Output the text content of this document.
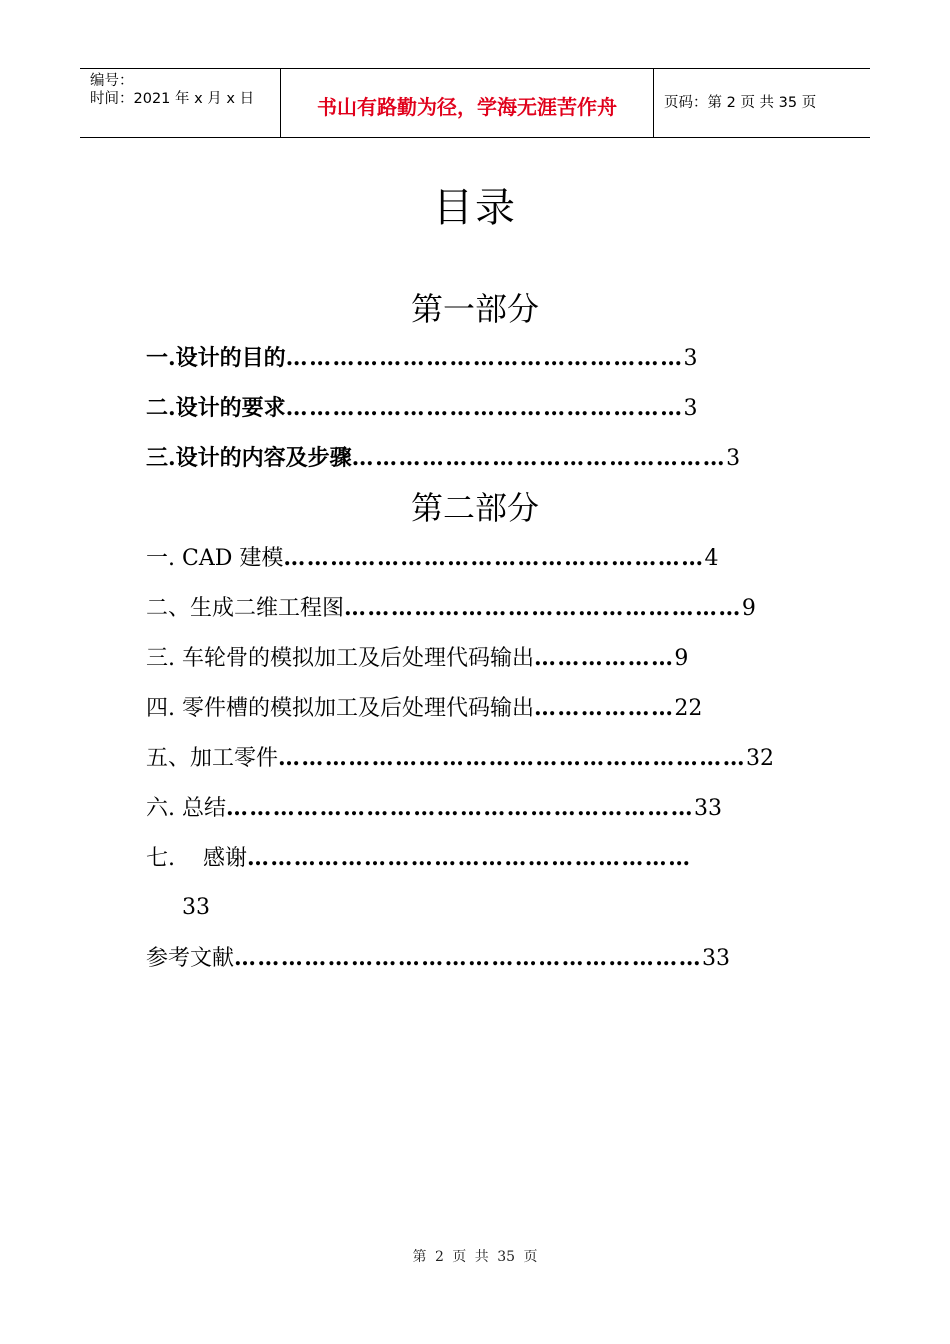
编号：
时间：2021 年 x 月 x 日	书山有路勤为径，学海无涯苦作舟	页码：第 2 页 共 35 页
目录
第一部分
一.设计的目的……………………………………………3
二.设计的要求……………………………………………3
三.设计的内容及步骤…………………………………………3
第二部分
一. CAD 建模………………………………………………4
二、生成二维工程图……………………………………………9
三. 车轮骨的模拟加工及后处理代码输出………………9
四. 零件槽的模拟加工及后处理代码输出………………22
五、加工零件……………………………………………………32
六. 总结……………………………………………………33
七.    感谢…………………………………………………
33
参考文献……………………………………………………33
第 2 页 共 35 页
